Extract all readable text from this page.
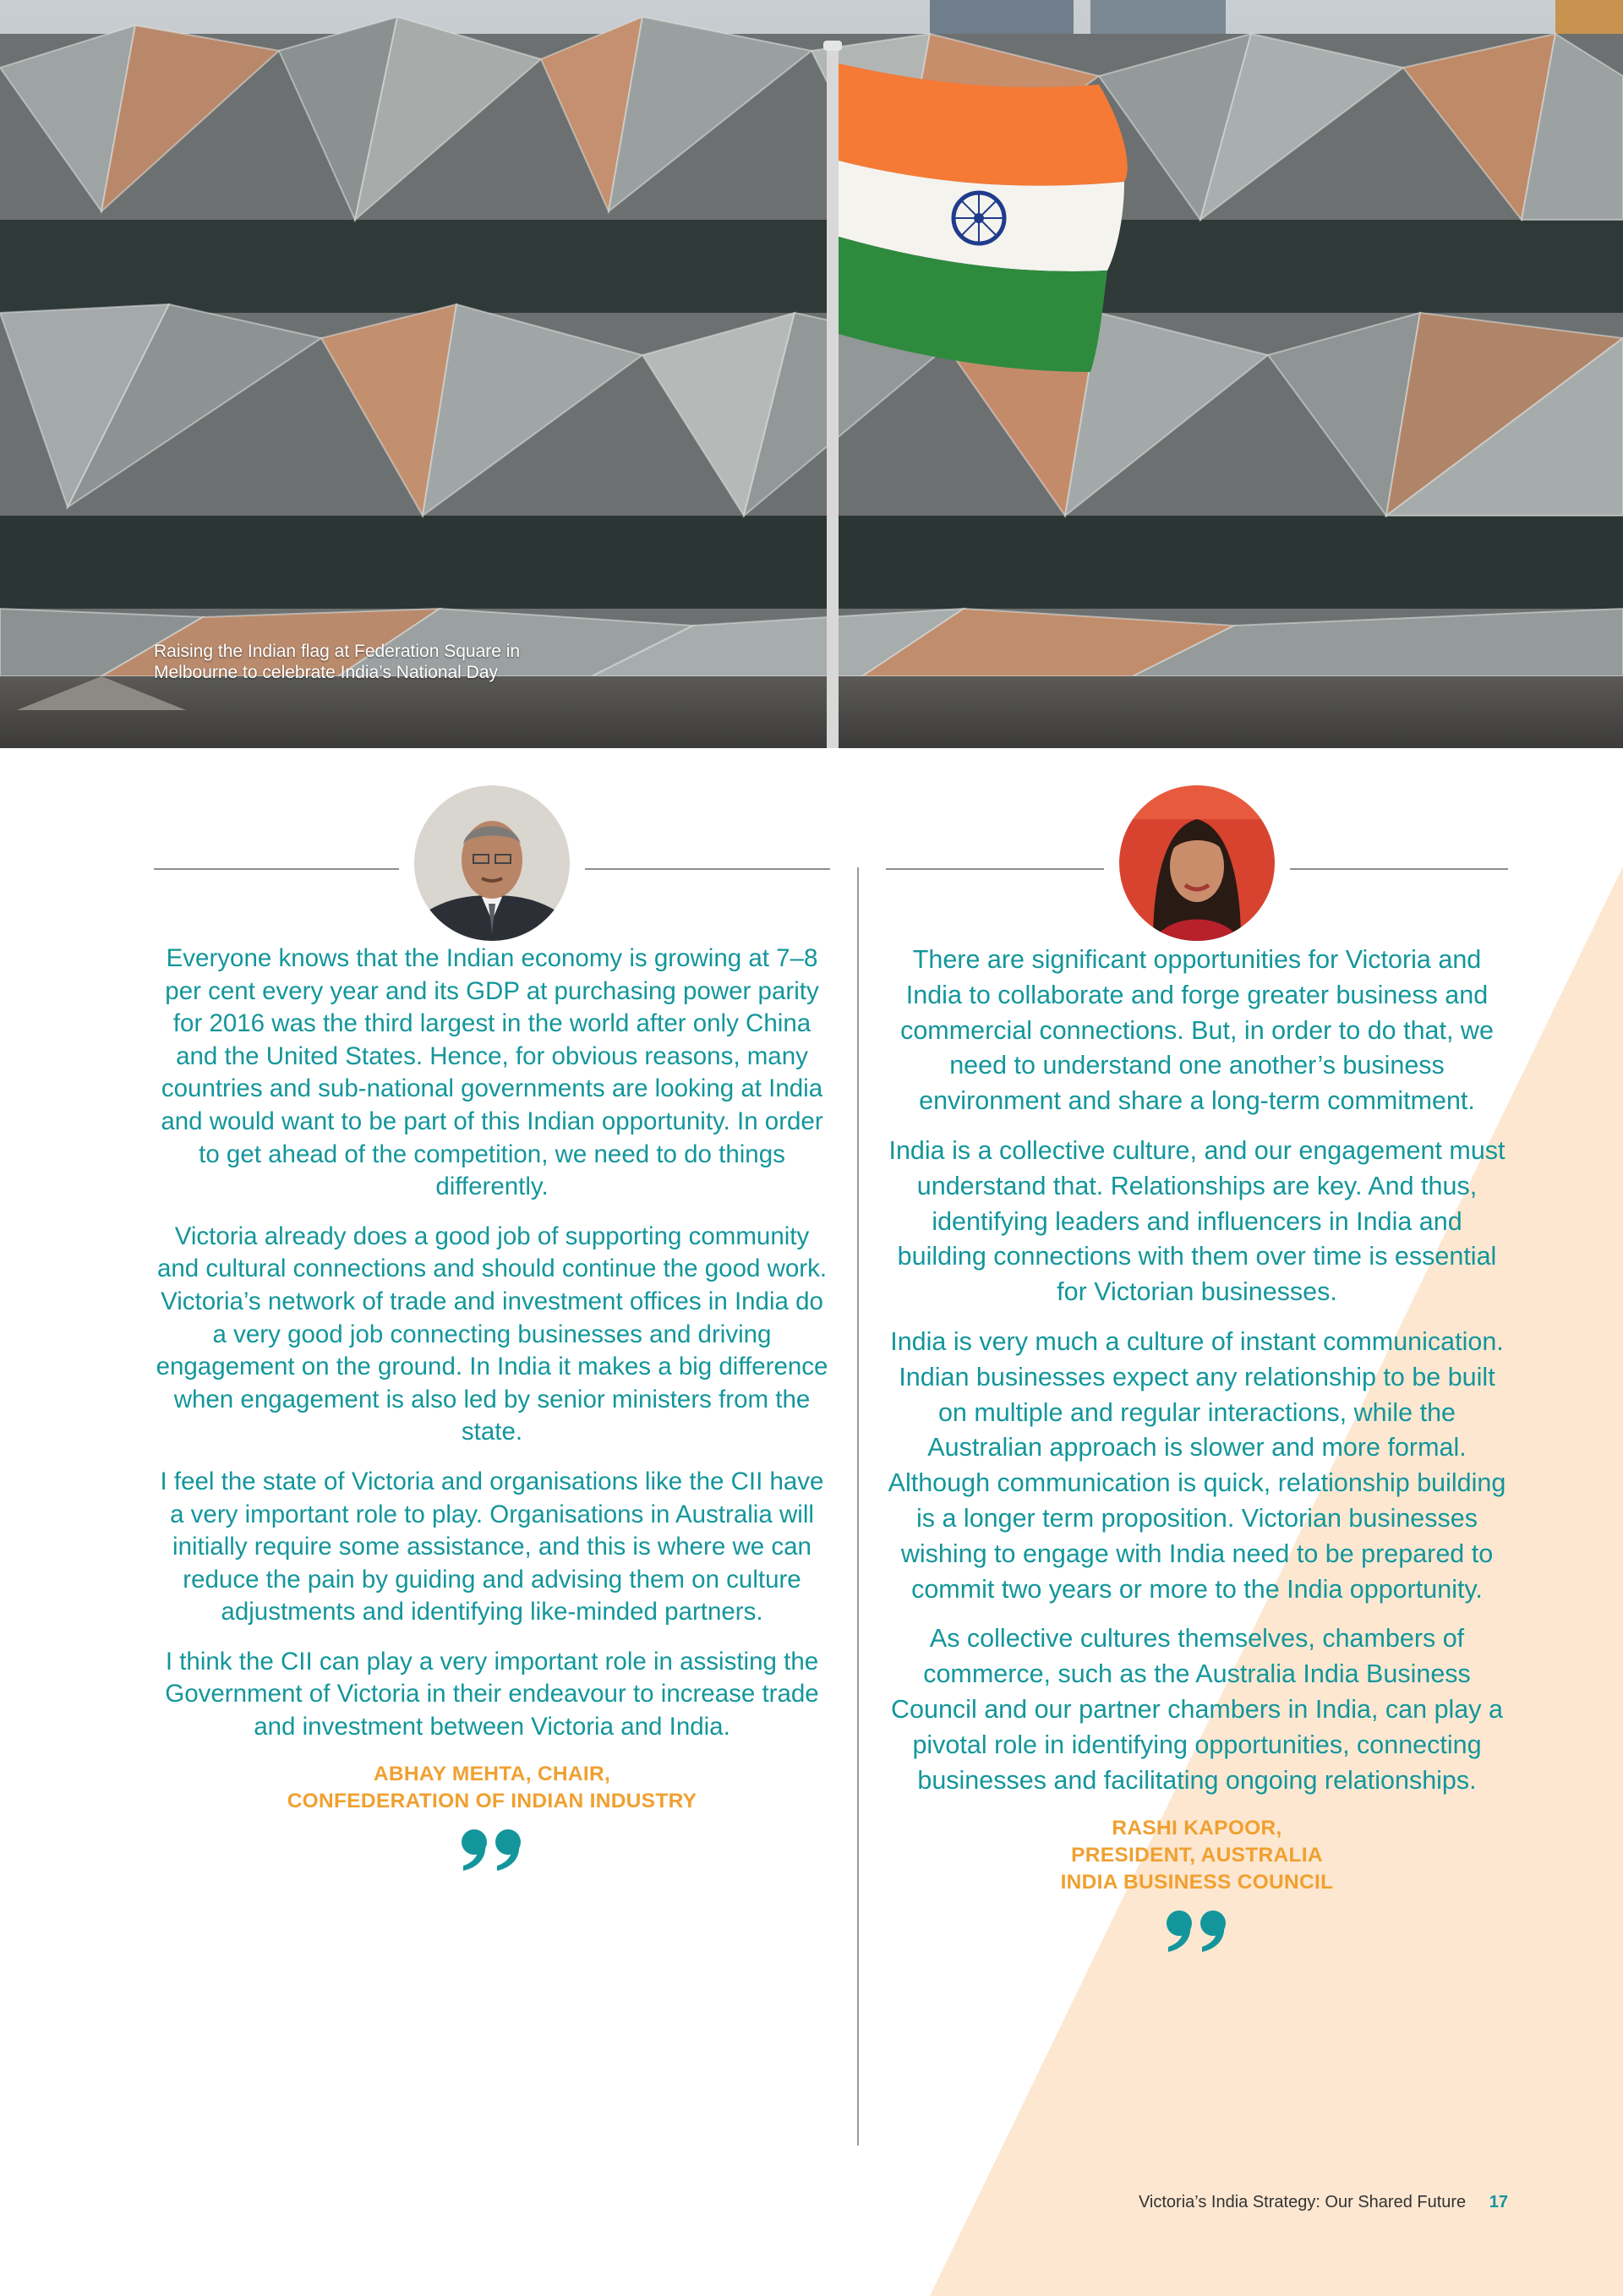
Raising the Indian flag at Federation Square in
Melbourne to celebrate India’s National Day

Everyone knows that the Indian economy is growing at 7–8 per cent every year and its GDP at purchasing power parity for 2016 was the third largest in the world after only China and the United States. Hence, for obvious reasons, many countries and sub-national governments are looking at India and would want to be part of this Indian opportunity. In order to get ahead of the competition, we need to do things differently.

Victoria already does a good job of supporting community and cultural connections and should continue the good work. Victoria’s network of trade and investment offices in India do a very good job connecting businesses and driving engagement on the ground. In India it makes a big difference when engagement is also led by senior ministers from the state.

I feel the state of Victoria and organisations like the CII have a very important role to play. Organisations in Australia will initially require some assistance, and this is where we can reduce the pain by guiding and advising them on culture adjustments and identifying like-minded partners.

I think the CII can play a very important role in assisting the Government of Victoria in their endeavour to increase trade and investment between Victoria and India.

ABHAY MEHTA, CHAIR,
CONFEDERATION OF INDIAN INDUSTRY

There are significant opportunities for Victoria and India to collaborate and forge greater business and commercial connections. But, in order to do that, we need to understand one another’s business environment and share a long-term commitment.

India is a collective culture, and our engagement must understand that. Relationships are key. And thus, identifying leaders and influencers in India and building connections with them over time is essential for Victorian businesses.

India is very much a culture of instant communication. Indian businesses expect any relationship to be built on multiple and regular interactions, while the Australian approach is slower and more formal. Although communication is quick, relationship building is a longer term proposition. Victorian businesses wishing to engage with India need to be prepared to commit two years or more to the India opportunity.

As collective cultures themselves, chambers of commerce, such as the Australia India Business Council and our partner chambers in India, can play a pivotal role in identifying opportunities, connecting businesses and facilitating ongoing relationships.

RASHI KAPOOR,
PRESIDENT, AUSTRALIA
INDIA BUSINESS COUNCIL
Victoria’s India Strategy: Our Shared Future 17
